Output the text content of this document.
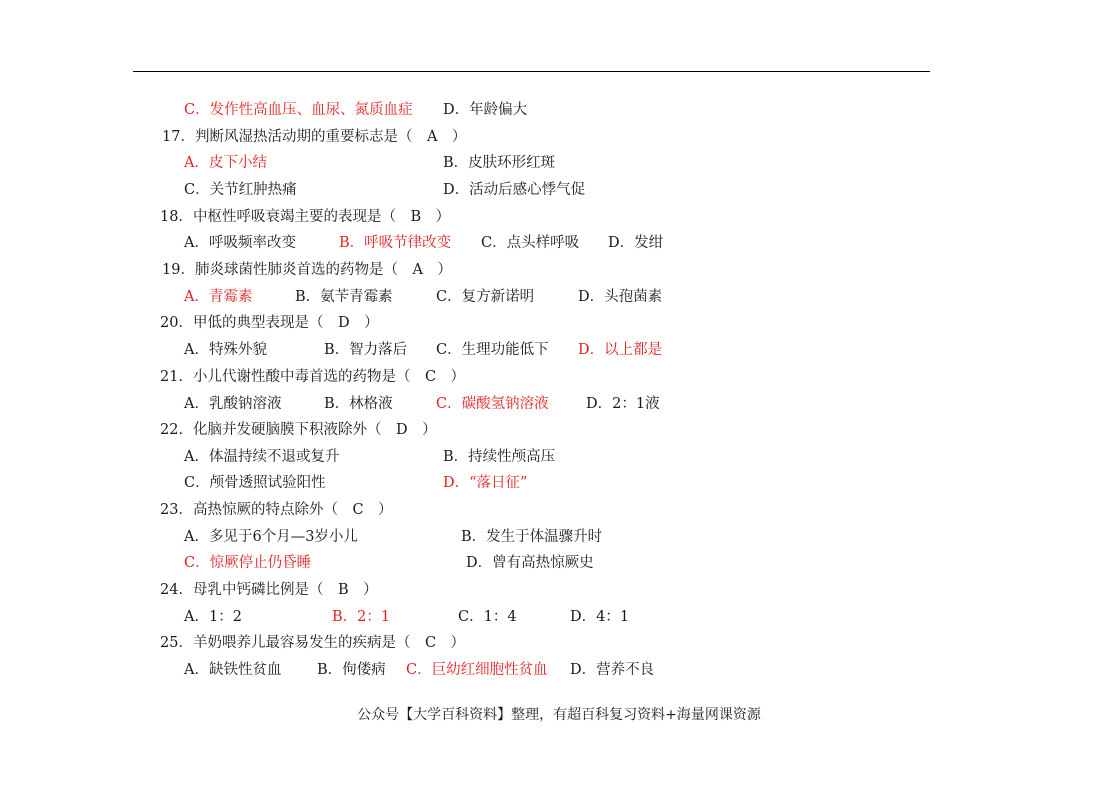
C．发作性高血压、血尿、氮质血症 D．年龄偏大
17．判断风湿热活动期的重要标志是（　A　）
A．皮下小结	B．皮肤环形红斑
C．关节红肿热痛	D．活动后感心悸气促
18．中枢性呼吸衰竭主要的表现是（　B　）
A．呼吸频率改变	B．呼吸节律改变 C．点头样呼吸 D．发绀
19．肺炎球菌性肺炎首选的药物是（　A　）
A．青霉素	B．氨苄青霉素	C．复方新诺明	D．头孢菌素
20．甲低的典型表现是（　D　）
A．特殊外貌	B．智力落后 C．生理功能低下 D．以上都是
21．小儿代谢性酸中毒首选的药物是（　C　）
A．乳酸钠溶液	B．林格液	C．碳酸氢钠溶液	D．2：1液
22．化脑并发硬脑膜下积液除外（　D　）
A．体温持续不退或复升	B．持续性颅高压
C．颅骨透照试验阳性	D．“落日征”
23．高热惊厥的特点除外（　C　）
A．多见于6个月—3岁小儿	B．发生于体温骤升时
C．惊厥停止仍昏睡	D．曾有高热惊厥史
24．母乳中钙磷比例是（　B　）
A．1：2	B．2：1	C．1：4	D．4：1
25．羊奶喂养儿最容易发生的疾病是（　C　）
A．缺铁性贫血 B．佝偻病 C．巨幼红细胞性贫血 D．营养不良
公众号【大学百科资料】整理，有超百科复习资料+海量网课资源
